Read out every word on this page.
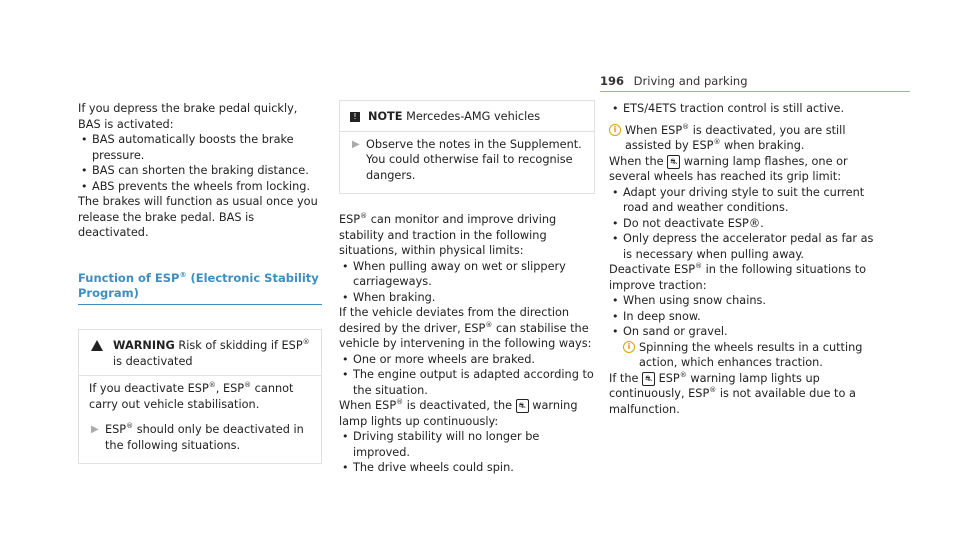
196 Driving and parking

If you depress the brake pedal quickly, BAS is activated:

• BAS automatically boosts the brake pressure.
• BAS can shorten the braking distance.
• ABS prevents the wheels from locking.

The brakes will function as usual once you release the brake pedal. BAS is deactivated.

Function of ESP® (Electronic Stability Program)

WARNING Risk of skidding if ESP® is deactivated

If you deactivate ESP®, ESP® cannot carry out vehicle stabilisation.

▶ ESP® should only be deactivated in the following situations.

! NOTE Mercedes-AMG vehicles

▶ Observe the notes in the Supplement. You could otherwise fail to recognise dangers.

ESP® can monitor and improve driving stability and traction in the following situations, within physical limits:

• When pulling away on wet or slippery carriageways.
• When braking.

If the vehicle deviates from the direction desired by the driver, ESP® can stabilise the vehicle by intervening in the following ways:

• One or more wheels are braked.
• The engine output is adapted according to the situation.

When ESP® is deactivated, the ⛐ warning lamp lights up continuously:

• Driving stability will no longer be improved.
• The drive wheels could spin.
• ETS/4ETS traction control is still active.

i When ESP® is deactivated, you are still assisted by ESP® when braking.

When the ⛐ warning lamp flashes, one or several wheels has reached its grip limit:

• Adapt your driving style to suit the current road and weather conditions.
• Do not deactivate ESP®.
• Only depress the accelerator pedal as far as is necessary when pulling away.

Deactivate ESP® in the following situations to improve traction:

• When using snow chains.
• In deep snow.
• On sand or gravel.

i Spinning the wheels results in a cutting action, which enhances traction.

If the ⛐ ESP® warning lamp lights up continuously, ESP® is not available due to a malfunction.
